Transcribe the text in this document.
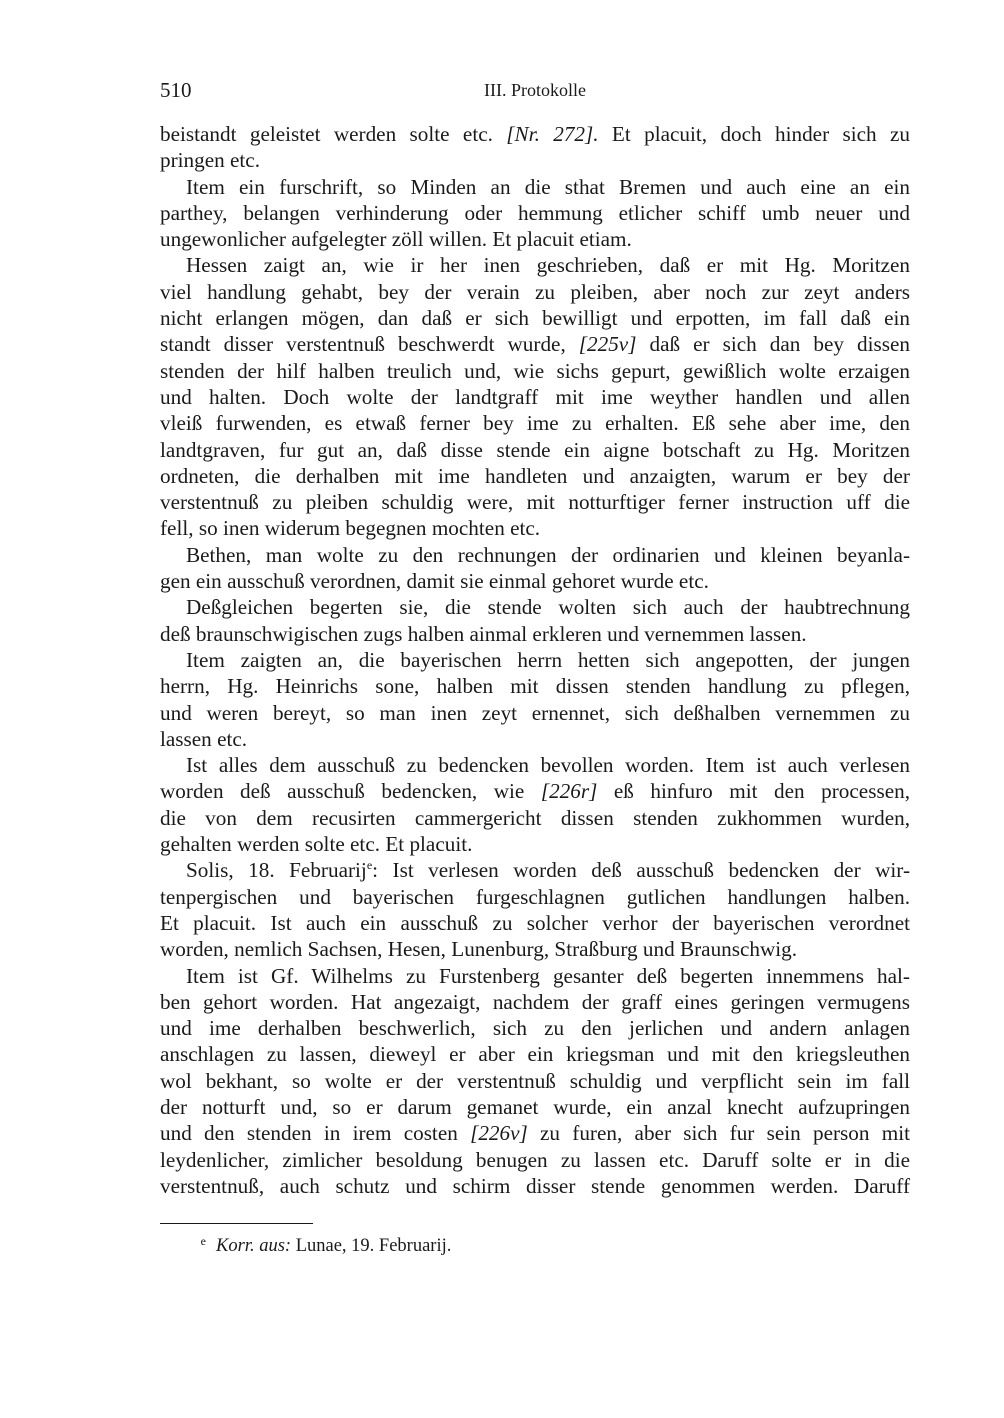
510	III. Protokolle
beistandt geleistet werden solte etc. [Nr. 272]. Et placuit, doch hinder sich zu
pringen etc.
Item ein furschrift, so Minden an die sthat Bremen und auch eine an ein
parthey, belangen verhinderung oder hemmung etlicher schiff umb neuer und
ungewonlicher aufgelegter zöll willen. Et placuit etiam.
Hessen zaigt an, wie ir her inen geschrieben, daß er mit Hg. Moritzen
viel handlung gehabt, bey der verain zu pleiben, aber noch zur zeyt anders
nicht erlangen mögen, dan daß er sich bewilligt und erpotten, im fall daß ein
standt disser verstentnuß beschwerdt wurde, [225v] daß er sich dan bey dissen
stenden der hilf halben treulich und, wie sichs gepurt, gewißlich wolte erzaigen
und halten. Doch wolte der landtgraff mit ime weyther handlen und allen
vleiß furwenden, es etwaß ferner bey ime zu erhalten. Eß sehe aber ime, den
landtgraven, fur gut an, daß disse stende ein aigne botschaft zu Hg. Moritzen
ordneten, die derhalben mit ime handleten und anzaigten, warum er bey der
verstentnuß zu pleiben schuldig were, mit notturftiger ferner instruction uff die
fell, so inen widerum begegnen mochten etc.
Bethen, man wolte zu den rechnungen der ordinarien und kleinen beyanla-
gen ein ausschuß verordnen, damit sie einmal gehoret wurde etc.
Deßgleichen begerten sie, die stende wolten sich auch der haubtrechnung
deß braunschwigischen zugs halben ainmal erkleren und vernemmen lassen.
Item zaigten an, die bayerischen herrn hetten sich angepotten, der jungen
herrn, Hg. Heinrichs sone, halben mit dissen stenden handlung zu pflegen,
und weren bereyt, so man inen zeyt ernennet, sich deßhalben vernemmen zu
lassen etc.
Ist alles dem ausschuß zu bedencken bevollen worden. Item ist auch verlesen
worden deß ausschuß bedencken, wie [226r] eß hinfuro mit den processen,
die von dem recusirten cammergericht dissen stenden zukhommen wurden,
gehalten werden solte etc. Et placuit.
Solis, 18. Februarij$^e$: Ist verlesen worden deß ausschuß bedencken der wir-
tenpergischen und bayerischen furgeschlagnen gutlichen handlungen halben.
Et placuit. Ist auch ein ausschuß zu solcher verhor der bayerischen verordnet
worden, nemlich Sachsen, Hesen, Lunenburg, Straßburg und Braunschwig.
Item ist Gf. Wilhelms zu Furstenberg gesanter deß begerten innemmens hal-
ben gehort worden. Hat angezaigt, nachdem der graff eines geringen vermugens
und ime derhalben beschwerlich, sich zu den jerlichen und andern anlagen
anschlagen zu lassen, dieweyl er aber ein kriegsman und mit den kriegsleuthen
wol bekhant, so wolte er der verstentnuß schuldig und verpflicht sein im fall
der notturft und, so er darum gemanet wurde, ein anzal knecht aufzupringen
und den stenden in irem costen [226v] zu furen, aber sich fur sein person mit
leydenlicher, zimlicher besoldung benugen zu lassen etc. Daruff solte er in die
verstentnuß, auch schutz und schirm disser stende genommen werden. Daruff
e Korr. aus: Lunae, 19. Februarij.
